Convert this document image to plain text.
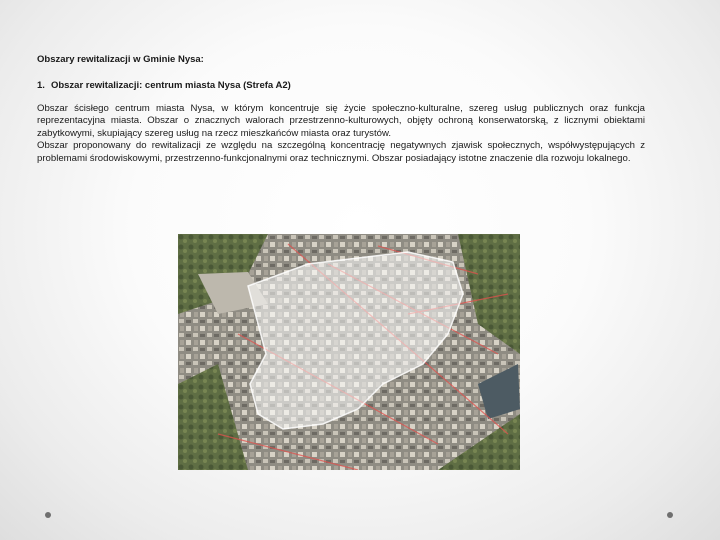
Obszary rewitalizacji w Gminie Nysa:
1. Obszar rewitalizacji: centrum miasta Nysa (Strefa A2)

Obszar ścisłego centrum miasta Nysa, w którym koncentruje się życie społeczno-kulturalne, szereg usług publicznych oraz funkcja reprezentacyjna miasta. Obszar o znacznych walorach przestrzenno-kulturowych, objęty ochroną konserwatorską, z licznymi obiektami zabytkowymi, skupiający szereg usług na rzecz mieszkańców miasta oraz turystów.

Obszar proponowany do rewitalizacji ze względu na szczególną koncentrację negatywnych zjawisk społecznych, współwystępujących z problemami środowiskowymi, przestrzenno-funkcjonalnymi oraz technicznymi. Obszar posiadający istotne znaczenie dla rozwoju lokalnego.
